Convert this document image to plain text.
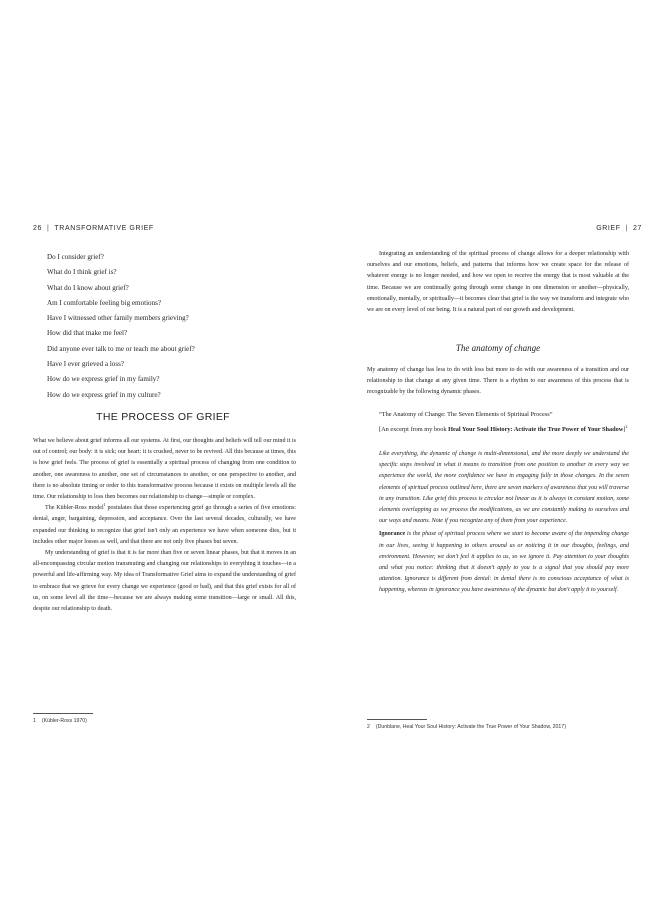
26 | TRANSFORMATIVE GRIEF
Do I consider grief?
What do I think grief is?
What do I know about grief?
Am I comfortable feeling big emotions?
Have I witnessed other family members grieving?
How did that make me feel?
Did anyone ever talk to me or teach me about grief?
Have I ever grieved a loss?
How do we express grief in my family?
How do we express grief in my culture?
THE PROCESS OF GRIEF

What we believe about grief informs all our systems. At first, our thoughts and beliefs will tell our mind it is out of control; our body: it is sick; our heart: it is crushed, never to be revived. All this because at times, this is how grief feels. The process of grief is essentially a spiritual process of changing from one condition to another, one awareness to another, one set of circumstances to another, or one perspective to another, and there is no absolute timing or order to this transformative process because it exists on multiple levels all the time. Our relationship to loss then becomes our relationship to change—simple or complex.

The Kübler-Ross model$^1$ postulates that those experiencing grief go through a series of five emotions: denial, anger, bargaining, depression, and acceptance. Over the last several decades, culturally, we have expanded our thinking to recognize that grief isn't only an experience we have when someone dies, but it includes other major losses as well, and that there are not only five phases but seven.

My understanding of grief is that it is far more than five or seven linear phases, but that it moves in an all-encompassing circular motion transmuting and changing our relationships to everything it touches—in a powerful and life-affirming way. My idea of Transformative Grief aims to expand the understanding of grief to embrace that we grieve for every change we experience (good or bad), and that this grief exists for all of us, on some level all the time—because we are always making some transition—large or small. All this, despite our relationship to death.

1 (Kübler-Ross 1970)
GRIEF | 27

Integrating an understanding of the spiritual process of change allows for a deeper relationship with ourselves and our emotions, beliefs, and patterns that informs how we create space for the release of whatever energy is no longer needed, and how we open to receive the energy that is most valuable at the time. Because we are continually going through some change in one dimension or another—physically, emotionally, mentally, or spiritually—it becomes clear that grief is the way we transform and integrate who we are on every level of our being. It is a natural part of our growth and development.

The anatomy of change

My anatomy of change has less to do with loss but more to do with our awareness of a transition and our relationship to that change at any given time. There is a rhythm to our awareness of this process that is recognizable by the following dynamic phases.

“The Anatomy of Change: The Seven Elements of Spiritual Process”
[An excerpt from my book Heal Your Soul History: Activate the True Power of Your Shadow]$^2$

Like everything, the dynamic of change is multi-dimensional, and the more deeply we understand the specific steps involved in what it means to transition from one position to another in every way we experience the world, the more confidence we have in engaging fully in those changes. In the seven elements of spiritual process outlined here, there are seven markers of awareness that you will traverse in any transition. Like grief this process is circular not linear as it is always in constant motion, some elements overlapping as we process the modifications, as we are constantly making to ourselves and our ways and means. Note if you recognize any of them from your experience.

Ignorance is the phase of spiritual process where we start to become aware of the impending change in our lives, seeing it happening to others around us or noticing it in our thoughts, feelings, and environment. However, we don't feel it applies to us, so we ignore it. Pay attention to your thoughts and what you notice: thinking that it doesn't apply to you is a signal that you should pay more attention. Ignorance is different from denial: in denial there is no conscious acceptance of what is happening, whereas in ignorance you have awareness of the dynamic but don't apply it to yourself.

2 (Dunblane, Heal Your Soul History: Activate the True Power of Your Shadow, 2017)
